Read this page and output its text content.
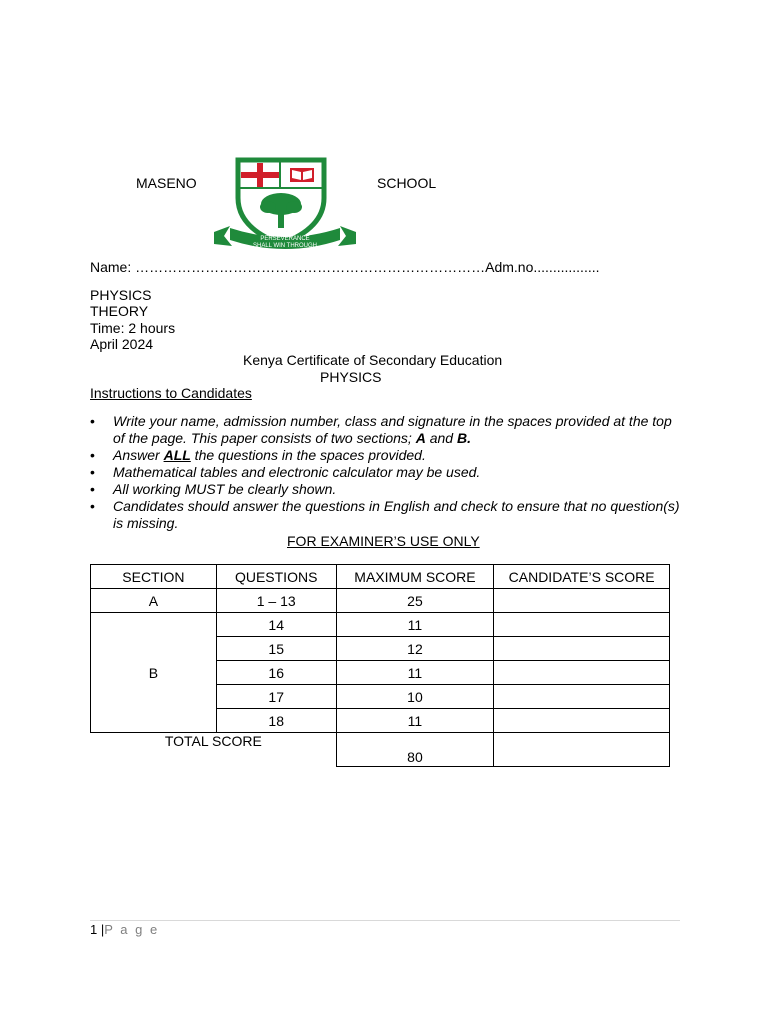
MASENO	SCHOOL
PERSEVERANCE
SHALL WIN THROUGH
Name: …………………………………………………………………Adm.no.................
PHYSICS
THEORY
Time: 2 hours
April 2024
Kenya Certificate of Secondary Education
PHYSICS
Instructions to Candidates
• Write your name, admission number, class and signature in the spaces provided at the top of the page. This paper consists of two sections; A and B.
• Answer ALL the questions in the spaces provided.
• Mathematical tables and electronic calculator may be used.
• All working MUST be clearly shown.
• Candidates should answer the questions in English and check to ensure that no question(s) is missing.
FOR EXAMINER’S USE ONLY
SECTION	QUESTIONS	MAXIMUM SCORE	CANDIDATE’S SCORE
A	1 – 13	25	
B	14	11	
	15	12	
	16	11	
	17	10	
	18	11	
TOTAL SCORE		80	
1 |P a g e
